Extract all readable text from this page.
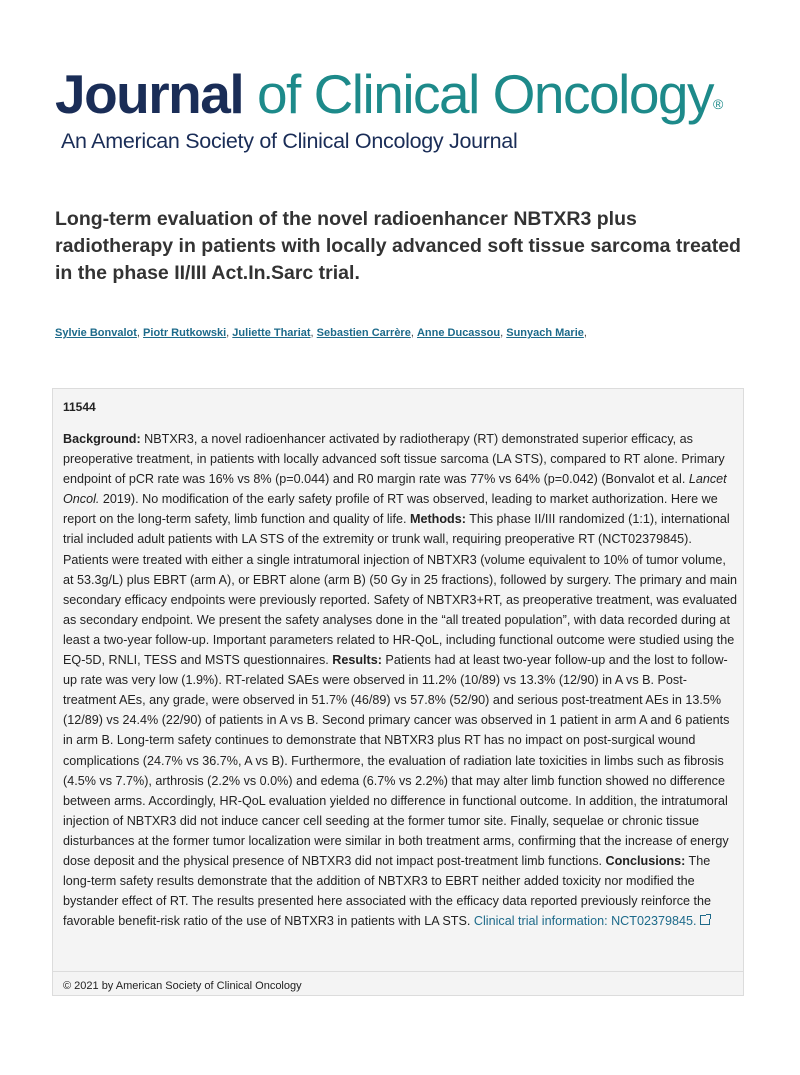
Journal of Clinical Oncology®
An American Society of Clinical Oncology Journal
Long-term evaluation of the novel radioenhancer NBTXR3 plus radiotherapy in patients with locally advanced soft tissue sarcoma treated in the phase II/III Act.In.Sarc trial.
Sylvie Bonvalot, Piotr Rutkowski, Juliette Thariat, Sebastien Carrère, Anne Ducassou, Sunyach Marie,
11544
Background: NBTXR3, a novel radioenhancer activated by radiotherapy (RT) demonstrated superior efficacy, as preoperative treatment, in patients with locally advanced soft tissue sarcoma (LA STS), compared to RT alone. Primary endpoint of pCR rate was 16% vs 8% (p=0.044) and R0 margin rate was 77% vs 64% (p=0.042) (Bonvalot et al. Lancet Oncol. 2019). No modification of the early safety profile of RT was observed, leading to market authorization. Here we report on the long-term safety, limb function and quality of life. Methods: This phase II/III randomized (1:1), international trial included adult patients with LA STS of the extremity or trunk wall, requiring preoperative RT (NCT02379845). Patients were treated with either a single intratumoral injection of NBTXR3 (volume equivalent to 10% of tumor volume, at 53.3g/L) plus EBRT (arm A), or EBRT alone (arm B) (50 Gy in 25 fractions), followed by surgery. The primary and main secondary efficacy endpoints were previously reported. Safety of NBTXR3+RT, as preoperative treatment, was evaluated as secondary endpoint. We present the safety analyses done in the “all treated population”, with data recorded during at least a two-year follow-up. Important parameters related to HR-QoL, including functional outcome were studied using the EQ-5D, RNLI, TESS and MSTS questionnaires. Results: Patients had at least two-year follow-up and the lost to follow-up rate was very low (1.9%). RT-related SAEs were observed in 11.2% (10/89) vs 13.3% (12/90) in A vs B. Post-treatment AEs, any grade, were observed in 51.7% (46/89) vs 57.8% (52/90) and serious post-treatment AEs in 13.5% (12/89) vs 24.4% (22/90) of patients in A vs B. Second primary cancer was observed in 1 patient in arm A and 6 patients in arm B. Long-term safety continues to demonstrate that NBTXR3 plus RT has no impact on post-surgical wound complications (24.7% vs 36.7%, A vs B). Furthermore, the evaluation of radiation late toxicities in limbs such as fibrosis (4.5% vs 7.7%), arthrosis (2.2% vs 0.0%) and edema (6.7% vs 2.2%) that may alter limb function showed no difference between arms. Accordingly, HR-QoL evaluation yielded no difference in functional outcome. In addition, the intratumoral injection of NBTXR3 did not induce cancer cell seeding at the former tumor site. Finally, sequelae or chronic tissue disturbances at the former tumor localization were similar in both treatment arms, confirming that the increase of energy dose deposit and the physical presence of NBTXR3 did not impact post-treatment limb functions. Conclusions: The long-term safety results demonstrate that the addition of NBTXR3 to EBRT neither added toxicity nor modified the bystander effect of RT. The results presented here associated with the efficacy data reported previously reinforce the favorable benefit-risk ratio of the use of NBTXR3 in patients with LA STS. Clinical trial information: NCT02379845.
© 2021 by American Society of Clinical Oncology
